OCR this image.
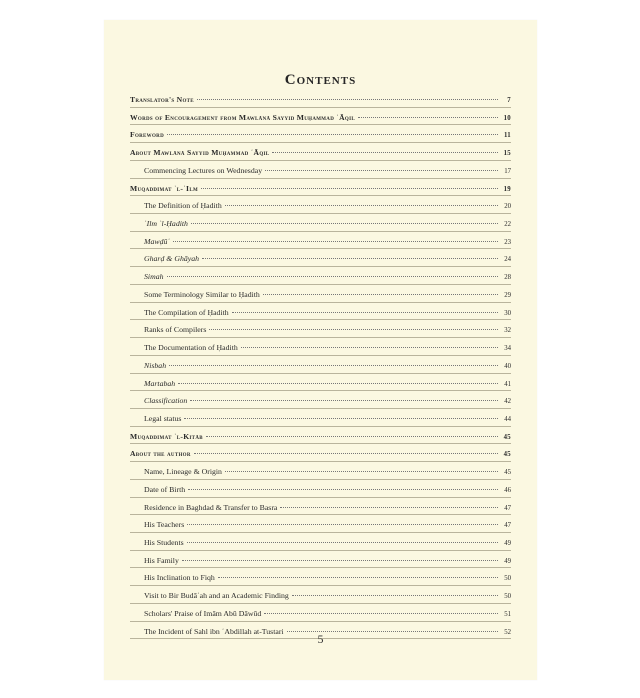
Contents
Translator's Note	7
Words of Encouragement from Mawlānā Sayyid Muḥammad ʿĀqil	10
Foreword	11
About Mawlānā Sayyid Muḥammad ʿĀqil	15
Commencing Lectures on Wednesday	17
Muqaddimat ʾl-ʿIlm	19
The Definition of Ḥadith	20
ʿIlm ʾl-Ḥadith	22
Mawḍūʿ	23
Gharḍ & Ghāyah	24
Simah	28
Some Terminology Similar to Ḥadith	29
The Compilation of Ḥadith	30
Ranks of Compilers	32
The Documentation of Ḥadith	34
Nisbah	40
Martabah	41
Classification	42
Legal status	44
Muqaddimat ʾl-Kitāb	45
About the author	45
Name, Lineage & Origin	45
Date of Birth	46
Residence in Baghdad & Transfer to Basra	47
His Teachers	47
His Students	49
His Family	49
His Inclination to Fiqh	50
Visit to Bir Budāʿah and an Academic Finding	50
Scholars' Praise of Imām Abū Dāwūd	51
The Incident of Sahl ibn ʿAbdillah at-Tustari	52
5
